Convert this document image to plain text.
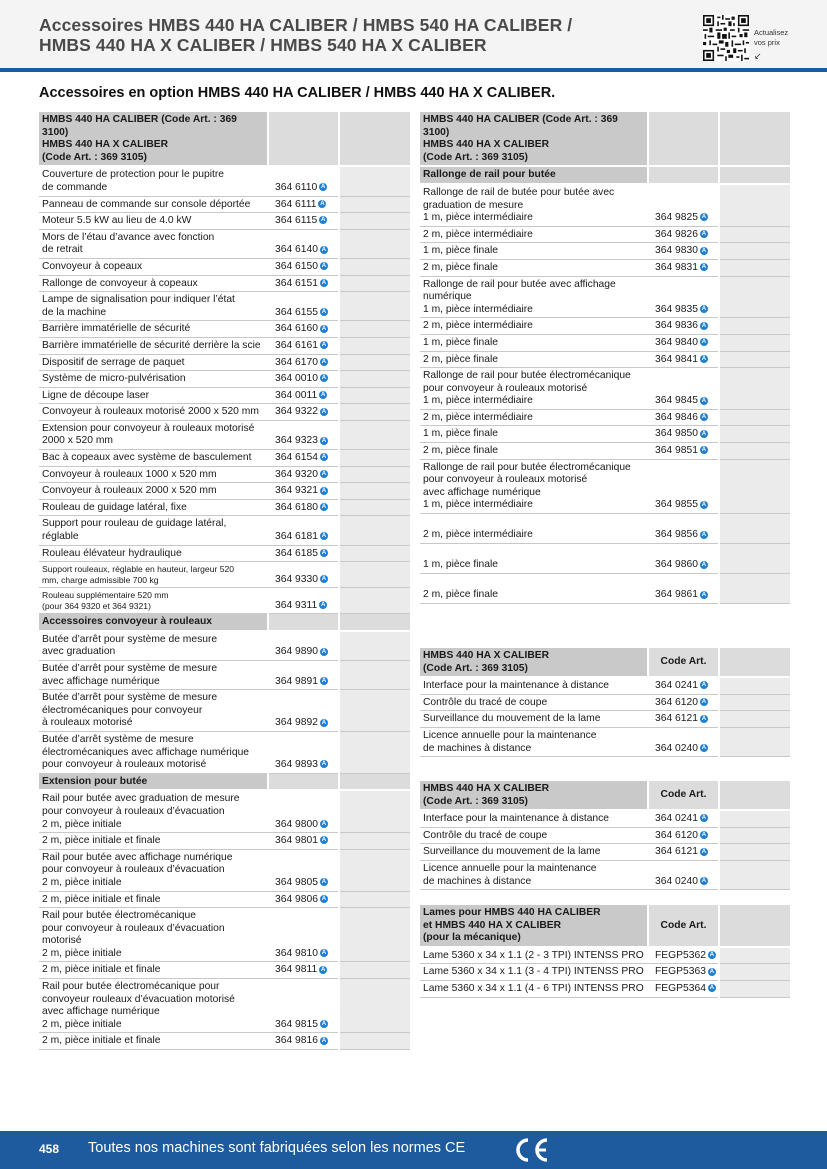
Accessoires HMBS 440 HA CALIBER / HMBS 540 HA CALIBER /
HMBS 440 HA X CALIBER / HMBS 540 HA X CALIBER
Actualisez
vos prix
↙
Accessoires en option HMBS 440 HA CALIBER / HMBS 440 HA X CALIBER.
HMBS 440 HA CALIBER (Code Art. : 369 3100)
HMBS 440 HA X CALIBER
(Code Art. : 369 3105)		
Couverture de protection pour le pupitre
de commande	364 6110 A	
Panneau de commande sur console déportée	364 6111 A	
Moteur 5.5 kW au lieu de 4.0 kW	364 6115 A	
Mors de l’étau d’avance avec fonction
de retrait	364 6140 A	
Convoyeur à copeaux	364 6150 A	
Rallonge de convoyeur à copeaux	364 6151 A	
Lampe de signalisation pour indiquer l’état
de la machine	364 6155 A	
Barrière immatérielle de sécurité	364 6160 A	
Barrière immatérielle de sécurité derrière la scie	364 6161 A	
Dispositif de serrage de paquet	364 6170 A	
Système de micro-pulvérisation	364 0010 A	
Ligne de découpe laser	364 0011 A	
Convoyeur à rouleaux motorisé 2000 x 520 mm	364 9322 A	
Extension pour convoyeur à rouleaux motorisé
2000 x 520 mm	364 9323 A	
Bac à copeaux avec système de basculement	364 6154 A	
Convoyeur à rouleaux 1000 x 520 mm	364 9320 A	
Convoyeur à rouleaux 2000 x 520 mm	364 9321 A	
Rouleau de guidage latéral, fixe	364 6180 A	
Support pour rouleau de guidage latéral,
réglable	364 6181 A	
Rouleau élévateur hydraulique	364 6185 A	
Support rouleaux, réglable en hauteur, largeur 520
mm, charge admissible 700 kg	364 9330 A	
Rouleau supplémentaire 520 mm
(pour 364 9320 et 364 9321)	364 9311 A	
Accessoires convoyeur à rouleaux		
Butée d’arrêt pour système de mesure
avec graduation	364 9890 A	
Butée d’arrêt pour système de mesure
avec affichage numérique	364 9891 A	
Butée d’arrêt pour système de mesure
électromécaniques pour convoyeur
à rouleaux motorisé	364 9892 A	
Butée d’arrêt système de mesure
électromécaniques avec affichage numérique
pour convoyeur à rouleaux motorisé	364 9893 A	
Extension pour butée		
Rail pour butée avec graduation de mesure
pour convoyeur à rouleaux d’évacuation
2 m, pièce initiale	364 9800 A	
2 m, pièce initiale et finale	364 9801 A	
Rail pour butée avec affichage numérique
pour convoyeur à rouleaux d’évacuation
2 m, pièce initiale	364 9805 A	
2 m, pièce initiale et finale	364 9806 A	
Rail pour butée électromécanique
pour convoyeur à rouleaux d’évacuation
motorisé
2 m, pièce initiale	364 9810 A	
2 m, pièce initiale et finale	364 9811 A	
Rail pour butée électromécanique pour
convoyeur rouleaux d’évacuation motorisé
avec affichage numérique
2 m, pièce initiale	364 9815 A	
2 m, pièce initiale et finale	364 9816 A	
HMBS 440 HA CALIBER (Code Art. : 369 3100)
HMBS 440 HA X CALIBER
(Code Art. : 369 3105)		
Rallonge de rail pour butée		
Rallonge de rail de butée pour butée avec
graduation de mesure
1 m, pièce intermédiaire	364 9825 A	
2 m, pièce intermédiaire	364 9826 A	
1 m, pièce finale	364 9830 A	
2 m, pièce finale	364 9831 A	
Rallonge de rail pour butée avec affichage
numérique
1 m, pièce intermédiaire	364 9835 A	
2 m, pièce intermédiaire	364 9836 A	
1 m, pièce finale	364 9840 A	
2 m, pièce finale	364 9841 A	
Rallonge de rail pour butée électromécanique
pour convoyeur à rouleaux motorisé
1 m, pièce intermédiaire	364 9845 A	
2 m, pièce intermédiaire	364 9846 A	
1 m, pièce finale	364 9850 A	
2 m, pièce finale	364 9851 A	
Rallonge de rail pour butée électromécanique
pour convoyeur à rouleaux motorisé
avec affichage numérique
1 m, pièce intermédiaire	364 9855 A	
2 m, pièce intermédiaire	364 9856 A	
1 m, pièce finale	364 9860 A	
2 m, pièce finale	364 9861 A	
HMBS 440 HA X CALIBER
(Code Art. : 369 3105)	Code Art.	
Interface pour la maintenance à distance	364 0241 A	
Contrôle du tracé de coupe	364 6120 A	
Surveillance du mouvement de la lame	364 6121 A	
Licence annuelle pour la maintenance
de machines à distance	364 0240 A	
HMBS 440 HA X CALIBER
(Code Art. : 369 3105)	Code Art.	
Interface pour la maintenance à distance	364 0241 A	
Contrôle du tracé de coupe	364 6120 A	
Surveillance du mouvement de la lame	364 6121 A	
Licence annuelle pour la maintenance
de machines à distance	364 0240 A	
Lames pour HMBS 440 HA CALIBER
et HMBS 440 HA X CALIBER
(pour la mécanique)	Code Art.	
Lame 5360 x 34 x 1.1 (2 - 3 TPI) INTENSS PRO	FEGP5362 A	
Lame 5360 x 34 x 1.1 (3 - 4 TPI) INTENSS PRO	FEGP5363 A	
Lame 5360 x 34 x 1.1 (4 - 6 TPI) INTENSS PRO	FEGP5364 A	
458 Toutes nos machines sont fabriquées selon les normes CE
